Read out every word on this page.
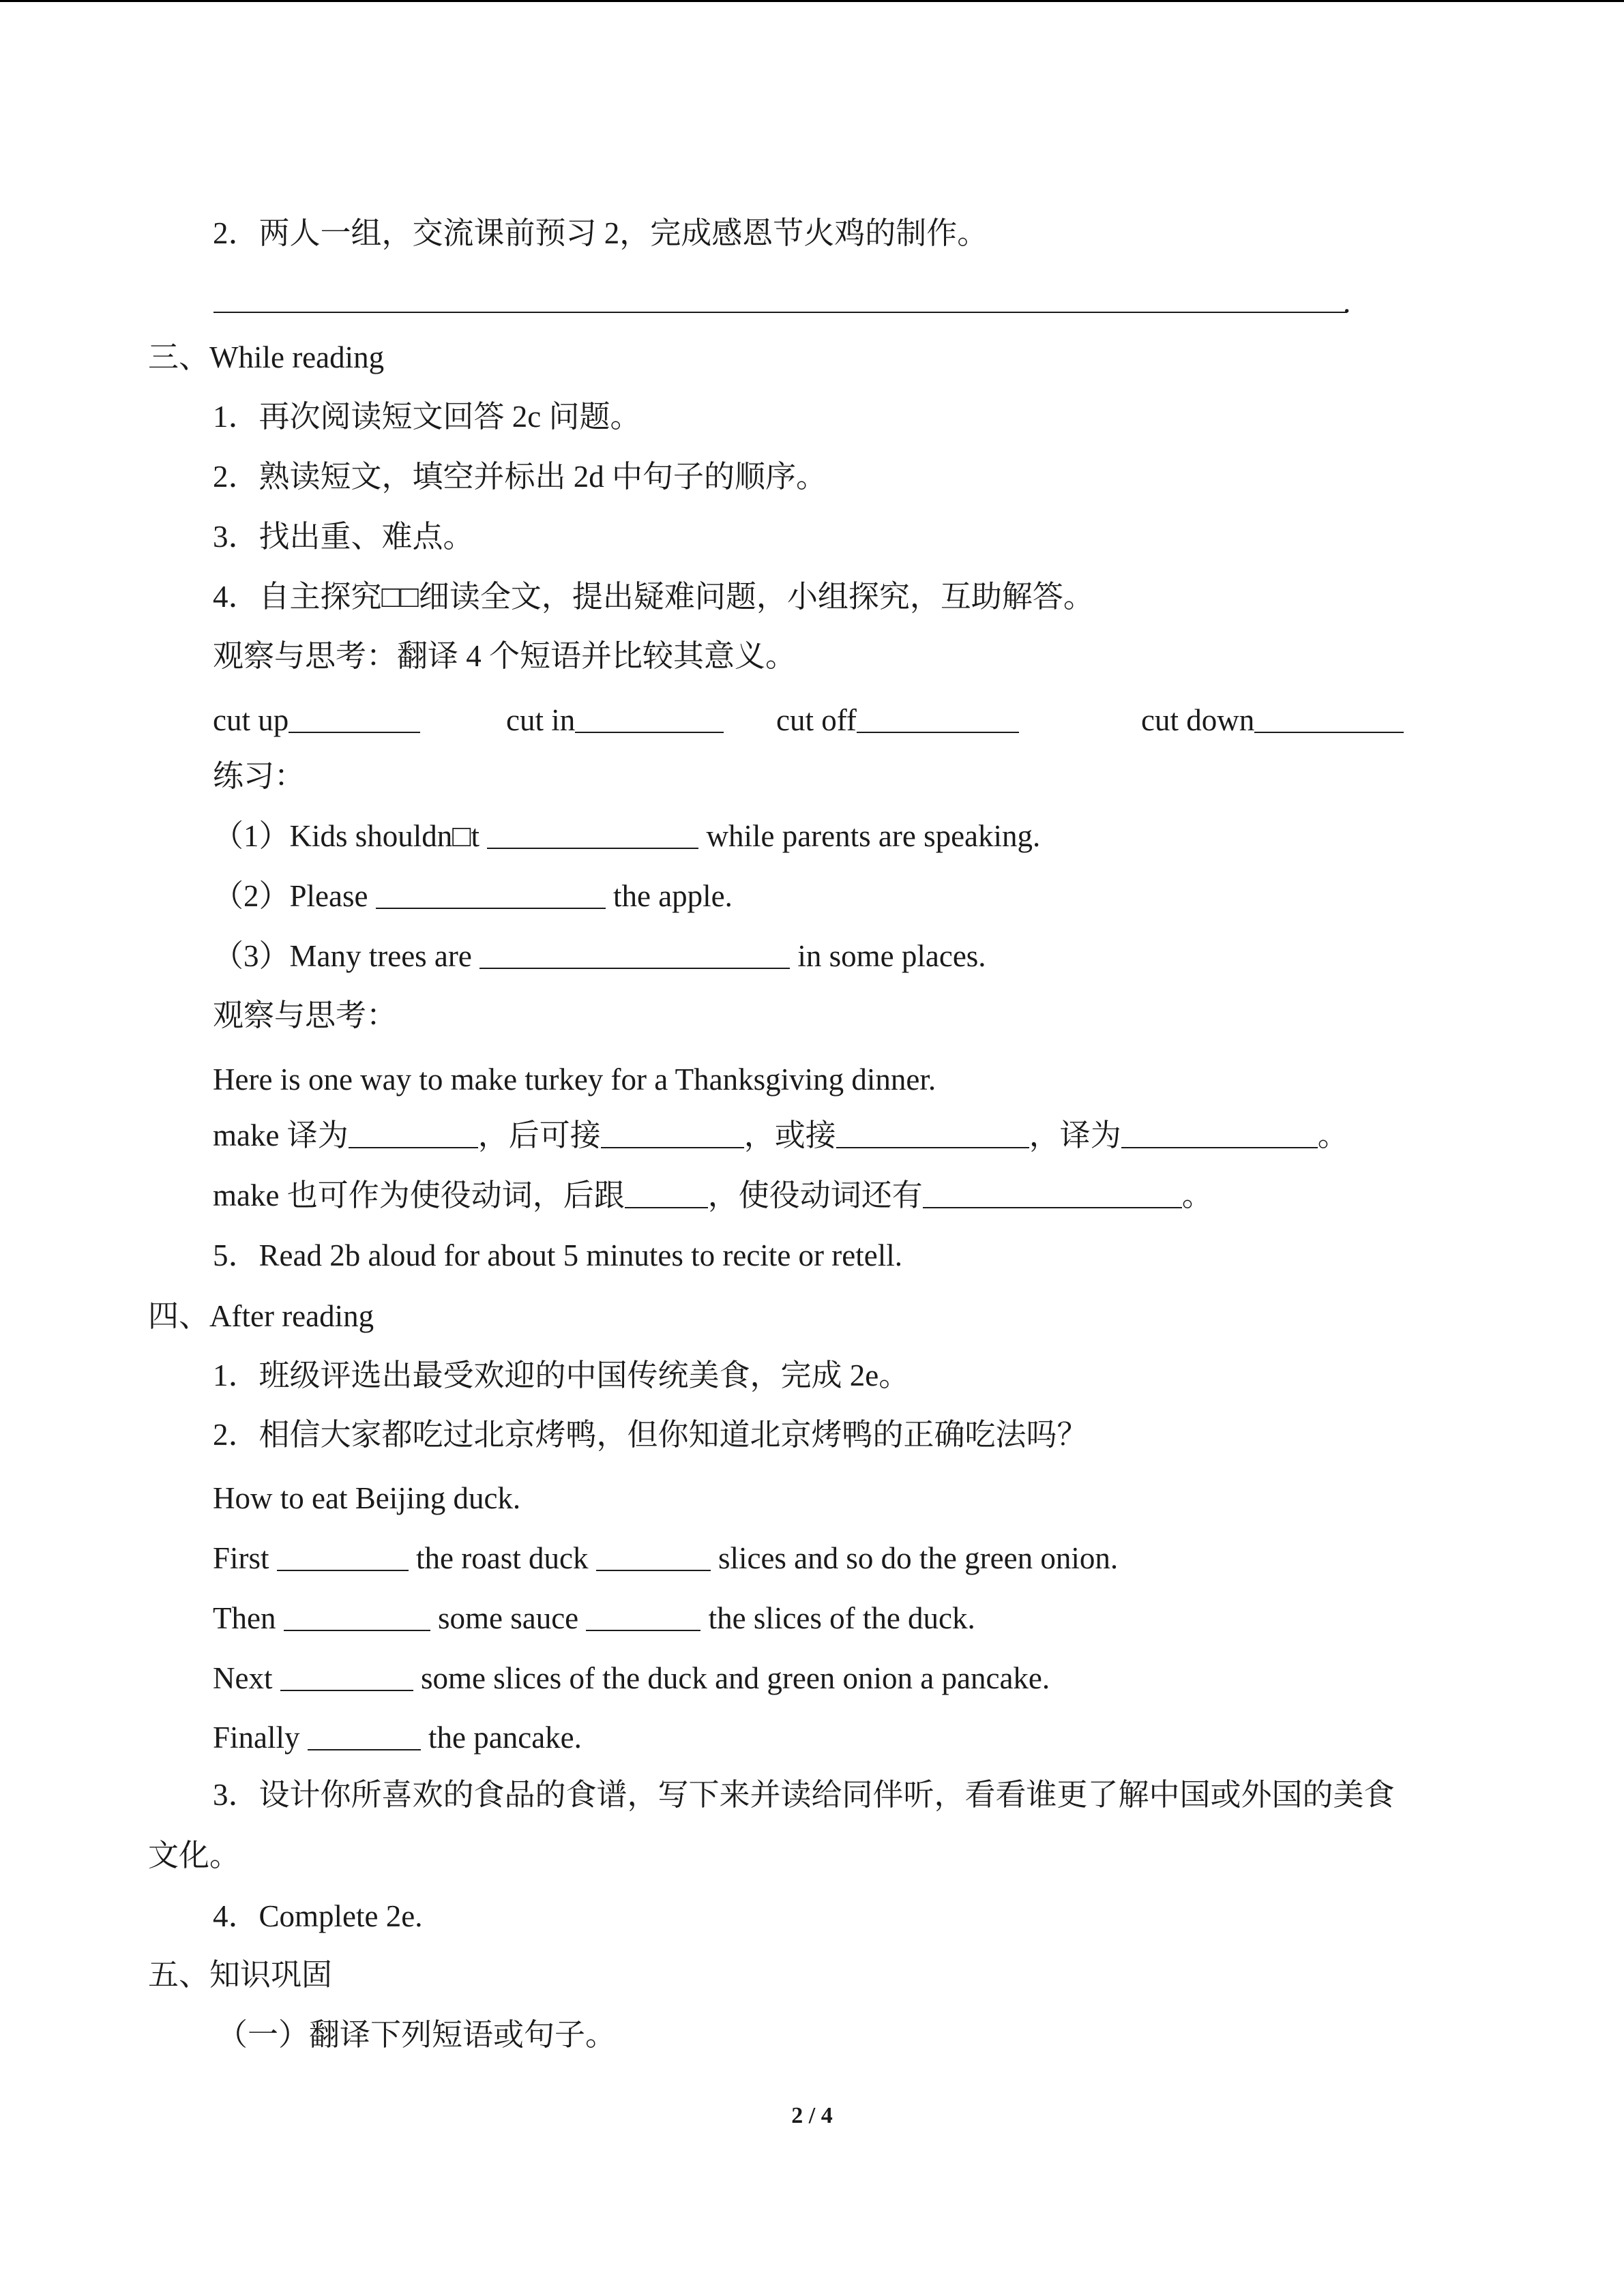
2．两人一组，交流课前预习 2，完成感恩节火鸡的制作。
.
三、While reading
1．再次阅读短文回答 2c 问题。
2．熟读短文，填空并标出 2d 中句子的顺序。
3．找出重、难点。
4．自主探究□□细读全文，提出疑难问题，小组探究，互助解答。
观察与思考：翻译 4 个短语并比较其意义。
cut up	cut in	cut off	cut down
练习：
（1）Kids shouldn□t	while parents are speaking.
（2）Please	the apple.
（3）Many trees are	in some places.
观察与思考：
Here is one way to make turkey for a Thanksgiving dinner.
make 译为	，后可接	，或接	，译为	。
make 也可作为使役动词，后跟	，使役动词还有	。
5．Read 2b aloud for about 5 minutes to recite or retell.
四、After reading
1．班级评选出最受欢迎的中国传统美食，完成 2e。
2．相信大家都吃过北京烤鸭，但你知道北京烤鸭的正确吃法吗？
How to eat Beijing duck.
First	the roast duck	slices and so do the green onion.
Then	some sauce	the slices of the duck.
Next	some slices of the duck and green onion a pancake.
Finally	the pancake.
3．设计你所喜欢的食品的食谱，写下来并读给同伴听，看看谁更了解中国或外国的美食
文化。
4．Complete 2e.
五、知识巩固
（一）翻译下列短语或句子。
2 / 4
